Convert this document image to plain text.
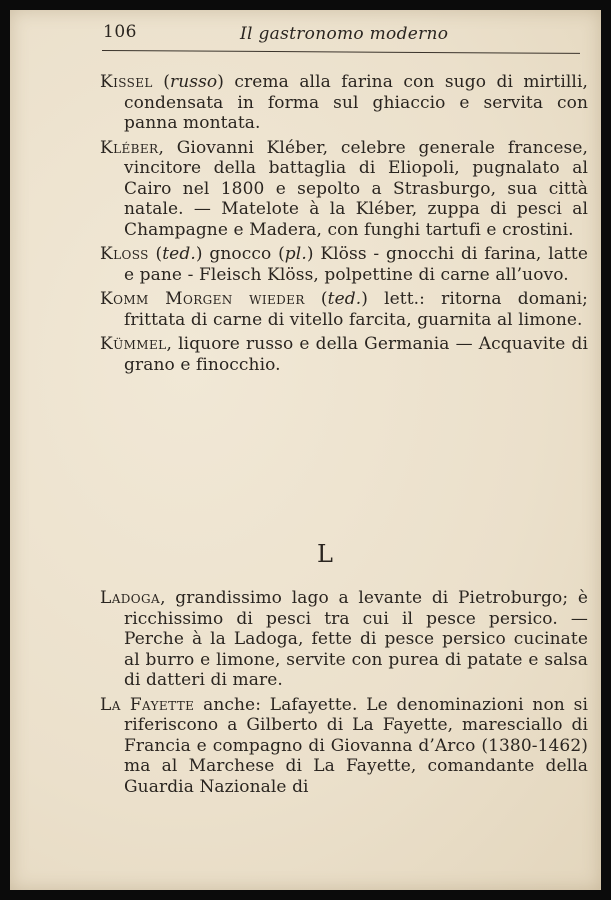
106	Il gastronomo moderno

Kissel (russo) crema alla farina con sugo di mirtilli, condensata in forma sul ghiaccio e servita con panna montata.

Kléber, Giovanni Kléber, celebre generale francese, vincitore della battaglia di Eliopoli, pugnalato al Cairo nel 1800 e sepolto a Strasburgo, sua città natale. — Matelote à la Kléber, zuppa di pesci al Champagne e Madera, con funghi tartufi e crostini.

Kloss (ted.) gnocco (pl.) Klöss - gnocchi di farina, latte e pane - Fleisch Klöss, polpettine di carne all’uovo.

Komm Morgen wieder (ted.) lett.: ritorna domani; frittata di carne di vitello farcita, guarnita al limone.

Kümmel, liquore russo e della Germania — Acquavite di grano e finocchio.

L

Ladoga, grandissimo lago a levante di Pietroburgo; è ricchissimo di pesci tra cui il pesce persico. — Perche à la Ladoga, fette di pesce persico cucinate al burro e limone, servite con purea di patate e salsa di datteri di mare.

La Fayette anche: Lafayette. Le denominazioni non si riferiscono a Gilberto di La Fayette, maresciallo di Francia e compagno di Giovanna d’Arco (1380-1462) ma al Marchese di La Fayette, comandante della Guardia Nazionale di
